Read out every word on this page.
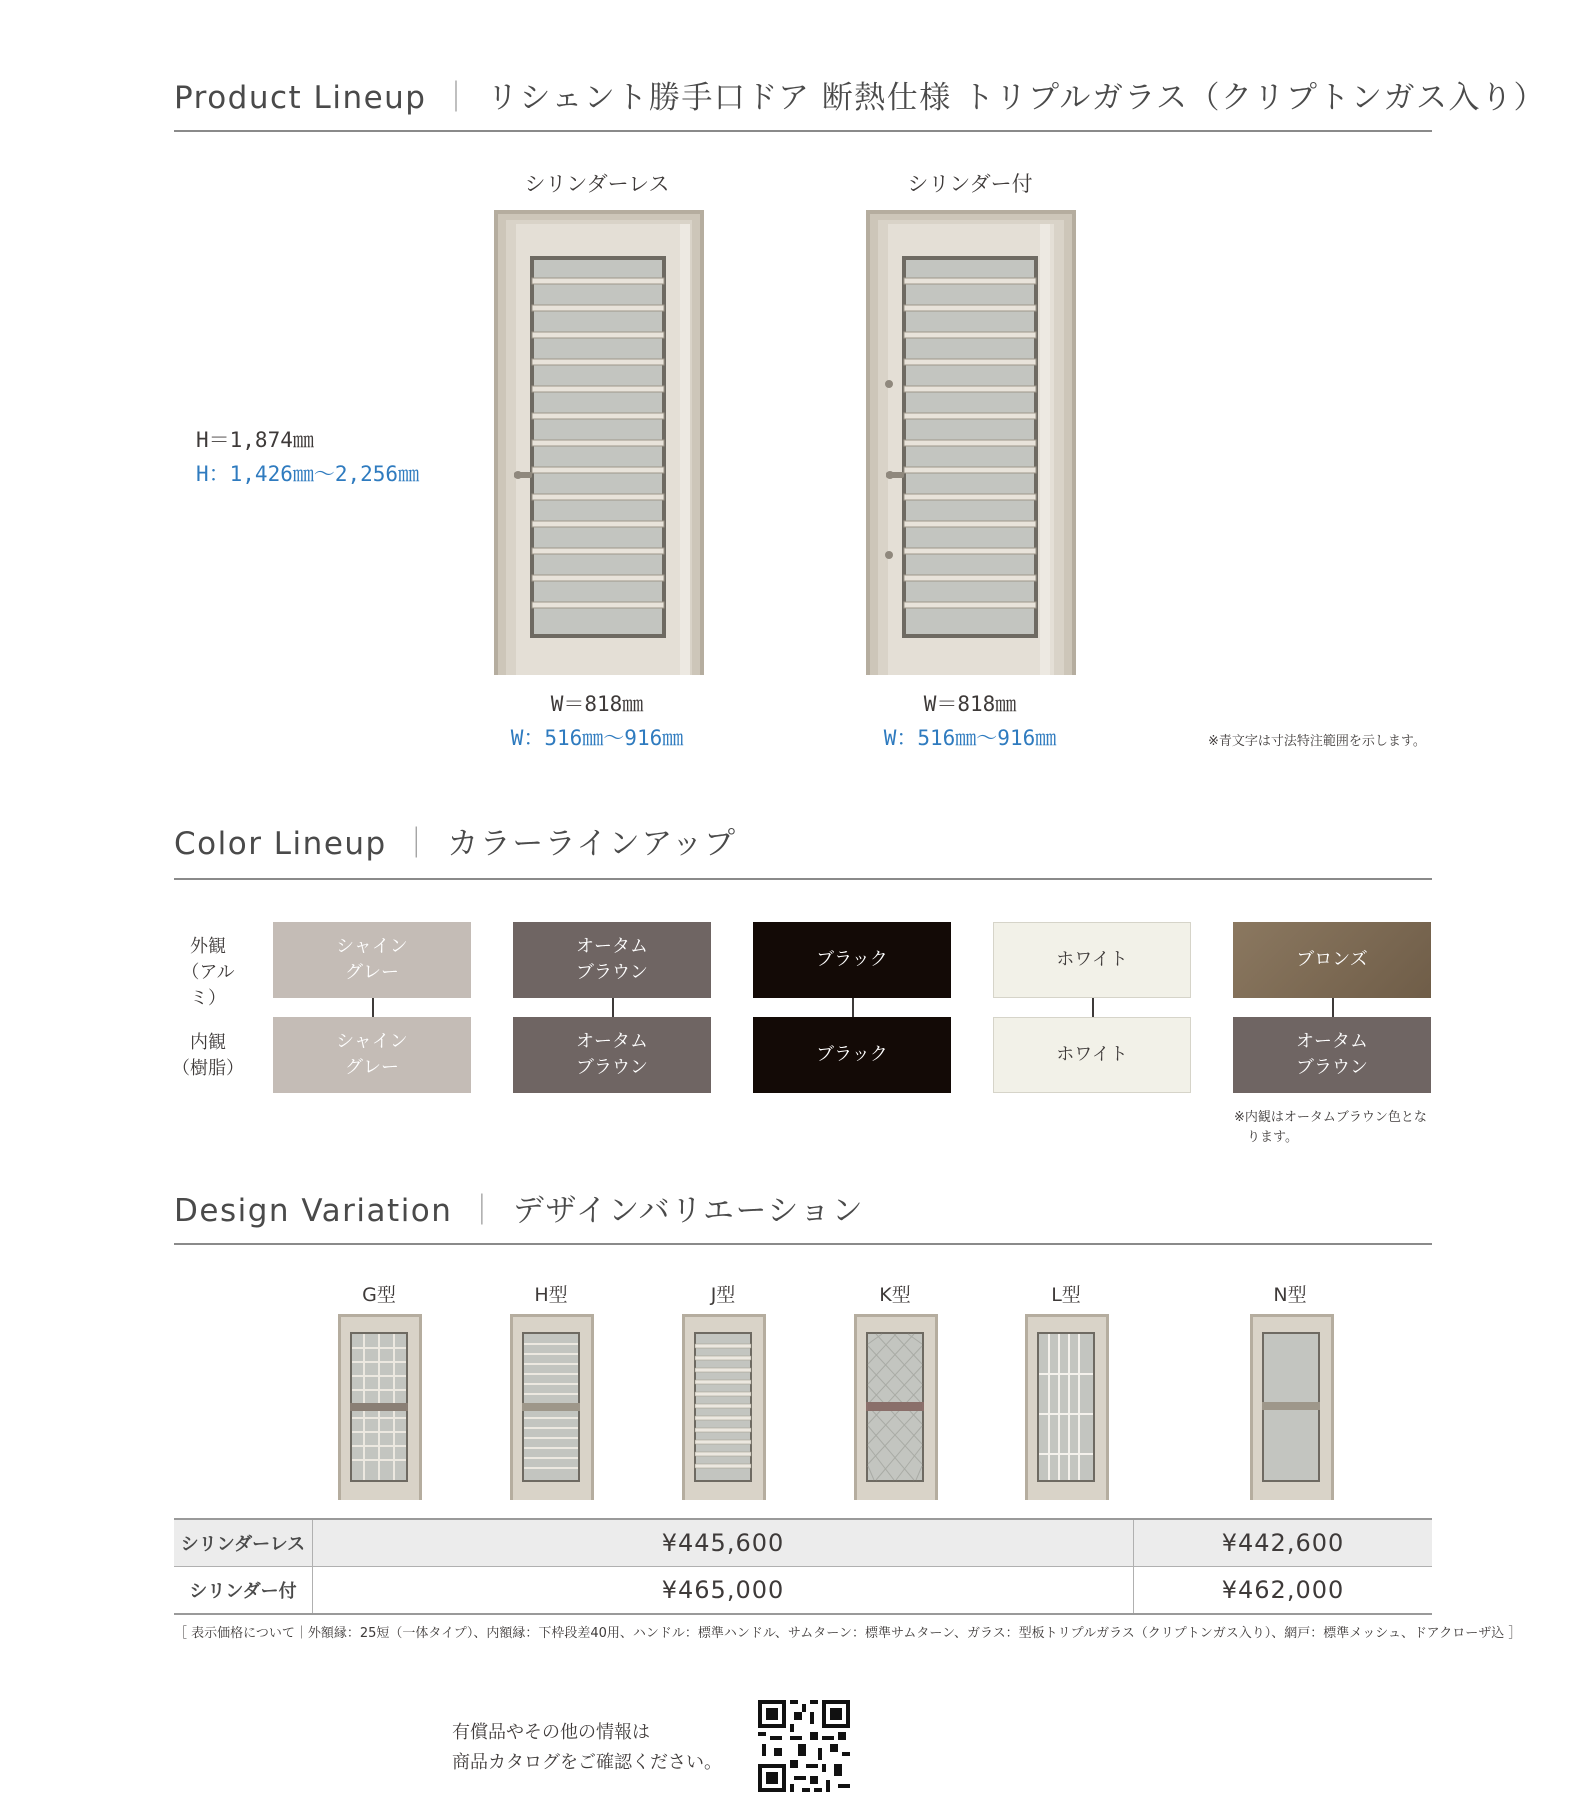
Product Lineup ｜ リシェント勝手口ドア 断熱仕様 トリプルガラス（クリプトンガス入り）
H＝1,874㎜
H：1,426㎜〜2,256㎜
シリンダーレス
W＝818㎜
W：516㎜〜916㎜
シリンダー付
W＝818㎜
W：516㎜〜916㎜	※青文字は寸法特注範囲を示します。
Color Lineup ｜ カラーラインアップ
外観
（アルミ）
内観
（樹脂）
シャイン
グレー
シャイン
グレー
オータム
ブラウン
オータム
ブラウン
ブラック
ブラック
ホワイト
ホワイト
ブロンズ
オータム
ブラウン
※内観はオータムブラウン色とな
　ります。
Design Variation ｜ デザインバリエーション
G型	H型	J型	K型	L型	N型
シリンダーレス	¥445,600	¥442,600
シリンダー付	¥465,000	¥462,000
［ 表示価格について｜外額縁：25短（一体タイプ）、内額縁：下枠段差40用、ハンドル：標準ハンドル、サムターン：標準サムターン、ガラス：型板トリプルガラス（クリプトンガス入り）、網戸：標準メッシュ、ドアクローザ込 ］
有償品やその他の情報は
商品カタログをご確認ください。
